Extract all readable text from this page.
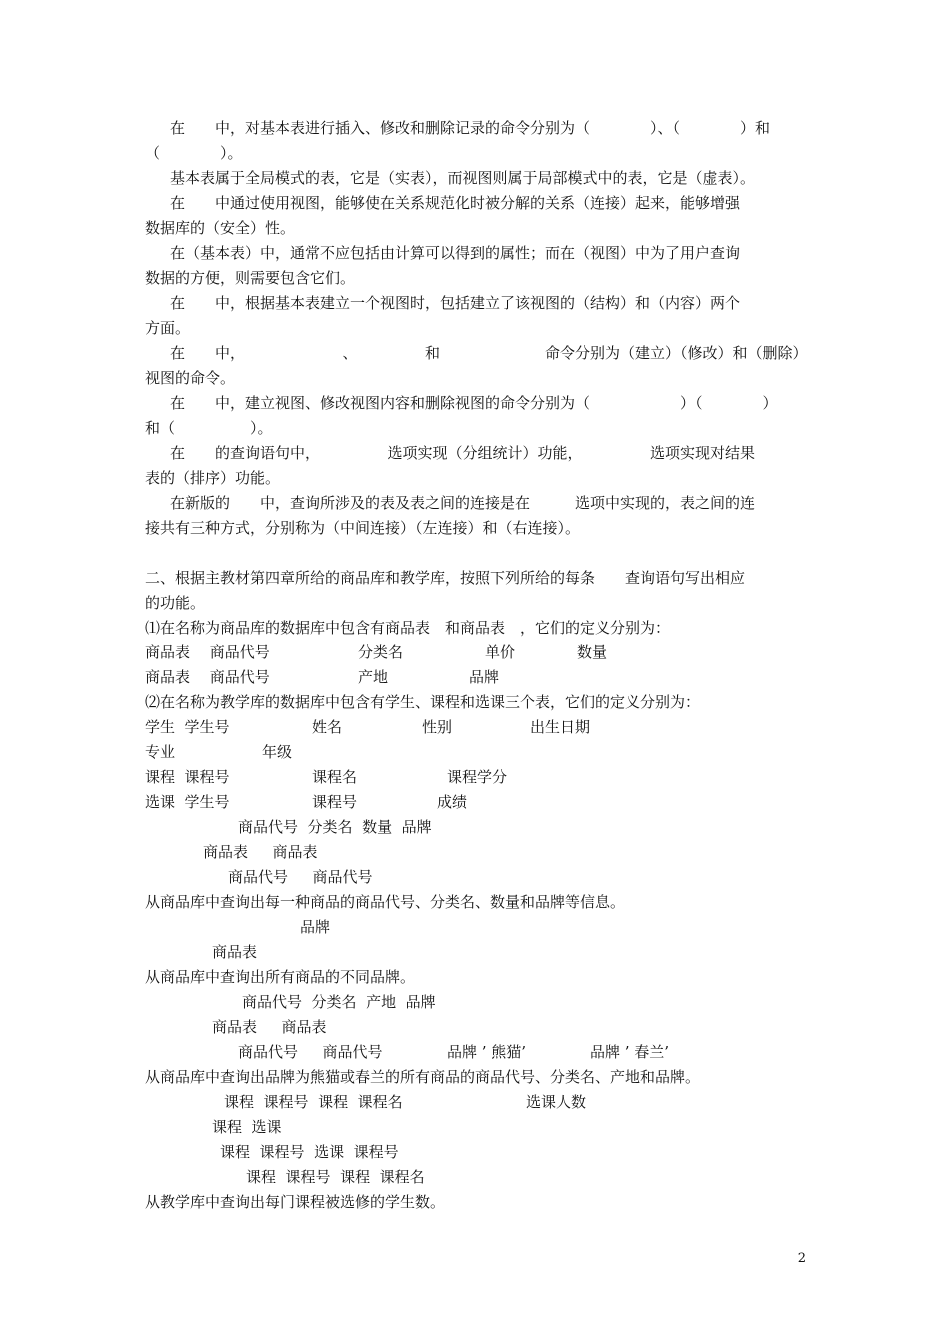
在　　中，对基本表进行插入、修改和删除记录的命令分别为（　　　　）、（　　　　）和
（　　　　）。
基本表属于全局模式的表，它是（实表），而视图则属于局部模式中的表，它是（虚表）。
在　　中通过使用视图，能够使在关系规范化时被分解的关系（连接）起来，能够增强
数据库的（安全）性。
在（基本表）中，通常不应包括由计算可以得到的属性；而在（视图）中为了用户查询
数据的方便，则需要包含它们。
在　　中，根据基本表建立一个视图时，包括建立了该视图的（结构）和（内容）两个
方面。
在　　中，　　　　　　　、　　　　　和　　　　　　　命令分别为（建立）（修改）和（删除）
视图的命令。
在　　中，建立视图、修改视图内容和删除视图的命令分别为（　　　　　　）（　　　　）
和（　　　　　）。
在　　的查询语句中，　　　　　选项实现（分组统计）功能，　　　　　选项实现对结果
表的（排序）功能。
在新版的　　中，查询所涉及的表及表之间的连接是在　　　选项中实现的，表之间的连
接共有三种方式，分别称为（中间连接）（左连接）和（右连接）。
二、根据主教材第四章所给的商品库和教学库，按照下列所给的每条　　查询语句写出相应
的功能。
⑴在名称为商品库的数据库中包含有商品表　和商品表　，它们的定义分别为：
商品表　 商品代号	分类名	单价	数量
商品表　 商品代号	产地	品牌
⑵在名称为教学库的数据库中包含有学生、课程和选课三个表，它们的定义分别为：
学生  学生号	姓名	性别	出生日期
专业	年级
课程  课程号	课程名	课程学分
选课  学生号	课程号	成绩
商品代号  分类名  数量  品牌
商品表　  商品表
商品代号　  商品代号
从商品库中查询出每一种商品的商品代号、分类名、数量和品牌等信息。
品牌
商品表
从商品库中查询出所有商品的不同品牌。
商品代号  分类名  产地  品牌
商品表　  商品表
商品代号　  商品代号	品牌 ’ 熊猫’	品牌 ’ 春兰’
从商品库中查询出品牌为熊猫或春兰的所有商品的商品代号、分类名、产地和品牌。
课程  课程号  课程  课程名	选课人数
课程  选课
课程  课程号  选课  课程号
课程  课程号  课程  课程名
从教学库中查询出每门课程被选修的学生数。
2
